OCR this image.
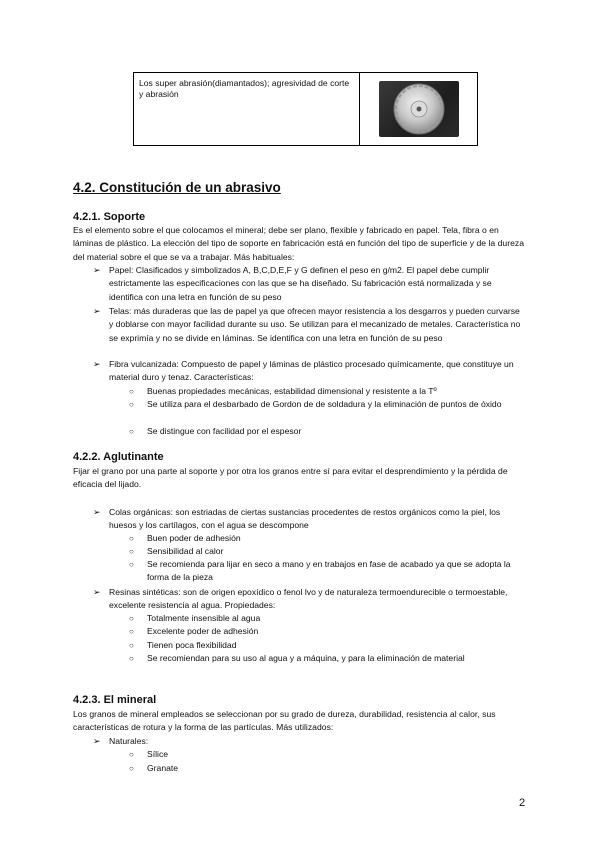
Los super abrasión(diamantados); agresividad de corte y abrasión
4.2. Constitución de un abrasivo
4.2.1. Soporte
Es el elemento sobre el que colocamos el mineral; debe ser plano, flexible y fabricado en papel. Tela, fibra o en láminas de plástico. La elección del tipo de soporte en fabricación está en función del tipo de superficie y de la dureza del material sobre el que se va a trabajar. Más habituales:
➢ Papel: Clasificados y simbolizados A, B,C,D,E,F y G definen el peso en g/m2. El papel debe cumplir estrictamente las especificaciones con las que se ha diseñado. Su fabricación está normalizada y se identifica con una letra en función de su peso
➢ Telas: más duraderas que las de papel ya que ofrecen mayor resistencia a los desgarros y pueden curvarse y doblarse con mayor facilidad durante su uso. Se utilizan para el mecanizado de metales. Característica no se exprimía y no se divide en láminas. Se identifica con una letra en función de su peso
➢ Fibra vulcanizada: Compuesto de papel y láminas de plástico procesado químicamente, que constituye un material duro y tenaz. Características:
○ Buenas propiedades mecánicas, estabilidad dimensional y resistente a la Tº
○ Se utiliza para el desbarbado de Gordon de de soldadura y la eliminación de puntos de óxido
○ Se distingue con facilidad por el espesor
4.2.2. Aglutinante
Fijar el grano por una parte al soporte y por otra los granos entre sí para evitar el desprendimiento y la pérdida de eficacia del lijado.
➢ Colas orgánicas: son estriadas de ciertas sustancias procedentes de restos orgánicos como la piel, los huesos y los cartílagos, con el agua se descompone
○ Buen poder de adhesión
○ Sensibilidad al calor
○ Se recomienda para lijar en seco a mano y en trabajos en fase de acabado ya que se adopta la forma de la pieza
➢ Resinas sintéticas: son de origen epoxídico o fenol lvo y de naturaleza termoendurecible o termoestable, excelente resistencia al agua. Propiedades:
○ Totalmente insensible al agua
○ Excelente poder de adhesión
○ Tienen poca flexibilidad
○ Se recomiendan para su uso al agua y a máquina, y para la eliminación de material
4.2.3. El mineral
Los granos de mineral empleados se seleccionan por su grado de dureza, durabilidad, resistencia al calor, sus características de rotura y la forma de las partículas. Más utilizados:
➢ Naturales:
○ Sílice
○ Granate
2
